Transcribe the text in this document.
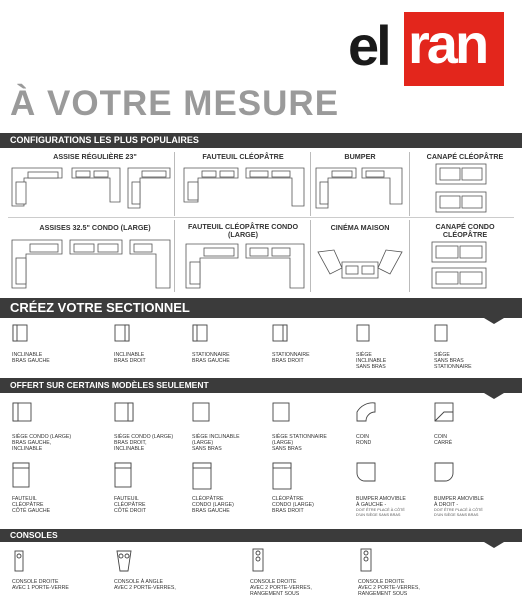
el ran
À VOTRE MESURE
CONFIGURATIONS LES PLUS POPULAIRES
ASSISE RÉGULIÈRE 23"	FAUTEUIL CLÉOPÂTRE	BUMPER	CANAPÉ CLÉOPÂTRE
ASSISES 32.5" CONDO (LARGE)	FAUTEUIL CLÉOPÂTRE CONDO
(LARGE)
CINÉMA MAISON	CANAPÉ CONDO
CLÉOPÂTRE
CRÉEZ VOTRE SECTIONNEL
INCLINABLE
BRAS GAUCHE
INCLINABLE
BRAS DROIT
STATIONNAIRE
BRAS GAUCHE
STATIONNAIRE
BRAS DROIT
SIÈGE
INCLINABLE
SANS BRAS
SIÈGE
SANS BRAS
STATIONNAIRE
OFFERT SUR CERTAINS MODÈLES SEULEMENT
SIÈGE CONDO (LARGE)
BRAS GAUCHE,
INCLINABLE
SIÈGE CONDO (LARGE)
BRAS DROIT,
INCLINABLE
SIÈGE INCLINABLE
(LARGE)
SANS BRAS
SIÈGE STATIONNAIRE
(LARGE)
SANS BRAS
COIN
ROND
COIN
CARRÉ
FAUTEUIL
CLÉOPÂTRE
CÔTÉ GAUCHE
FAUTEUIL
CLÉOPÂTRE
CÔTÉ DROIT
CLÉOPÂTRE
CONDO (LARGE)
BRAS GAUCHE
CLÉOPÂTRE
CONDO (LARGE)
BRAS DROIT
BUMPER AMOVIBLE
À GAUCHE -
DOIT ÊTRE PLACÉ À CÔTÉ
D'UN SIÈGE SANS BRAS
BUMPER AMOVIBLE
À DROIT -
DOIT ÊTRE PLACÉ À CÔTÉ
D'UN SIÈGE SANS BRAS
CONSOLES
CONSOLE DROITE
AVEC 1 PORTE-VERRE
CONSOLE À ANGLE
AVEC 2 PORTE-VERRES,
CONSOLE DROITE
AVEC 2 PORTE-VERRES,
RANGEMENT SOUS
CONSOLE DROITE
AVEC 2 PORTE-VERRES,
RANGEMENT SOUS
